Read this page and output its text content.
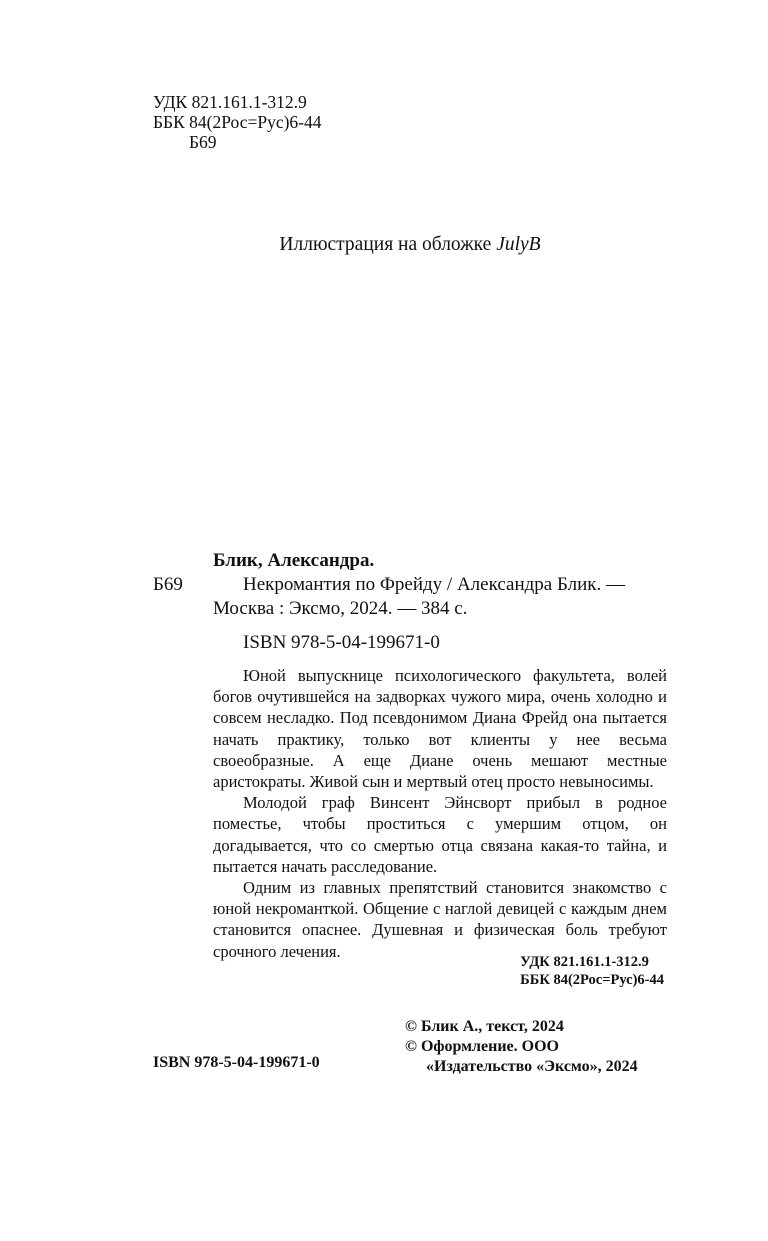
УДК 821.161.1-312.9
ББК 84(2Рос=Рус)6-44
Б69
Иллюстрация на обложке JulyB
Блик, Александра.
Б69	Некромантия по Фрейду / Александра Блик. —
Москва : Эксмо, 2024. — 384 с.
ISBN 978-5-04-199671-0

Юной выпускнице психологического факультета, волей богов очутившейся на задворках чужого мира, очень холодно и совсем несладко. Под псевдонимом Диана Фрейд она пытается начать практику, только вот клиенты у нее весьма своеобразные. А еще Диане очень мешают местные аристократы. Живой сын и мертвый отец просто невыносимы.

Молодой граф Винсент Эйнсворт прибыл в родное поместье, чтобы проститься с умершим отцом, он догадывается, что со смертью отца связана какая-то тайна, и пытается начать расследование.

Одним из главных препятствий становится знакомство с юной некроманткой. Общение с наглой девицей с каждым днем становится опаснее. Душевная и физическая боль требуют срочного лечения.

УДК 821.161.1-312.9
ББК 84(2Рос=Рус)6-44
© Блик А., текст, 2024
© Оформление. ООО
«Издательство «Эксмо», 2024
ISBN 978-5-04-199671-0
